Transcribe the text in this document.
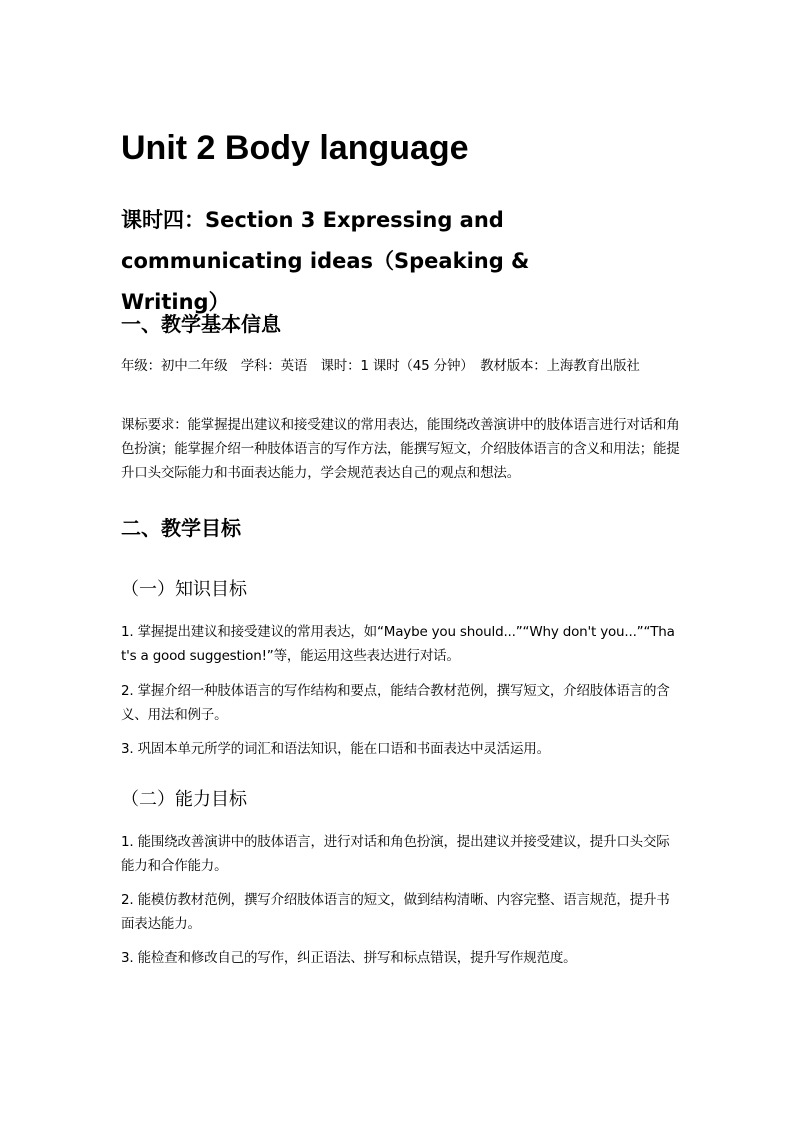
Unit 2 Body language
课时四：Section 3 Expressing and communicating ideas（Speaking & Writing）
一、教学基本信息
年级：初中二年级　学科：英语　课时：1 课时（45 分钟）　教材版本：上海教育出版社
课标要求：能掌握提出建议和接受建议的常用表达，能围绕改善演讲中的肢体语言进行对话和角色扮演；能掌握介绍一种肢体语言的写作方法，能撰写短文，介绍肢体语言的含义和用法；能提升口头交际能力和书面表达能力，学会规范表达自己的观点和想法。
二、教学目标
（一）知识目标
1. 掌握提出建议和接受建议的常用表达，如“Maybe you should...”“Why don't you...”“That's a good suggestion!”等，能运用这些表达进行对话。
2. 掌握介绍一种肢体语言的写作结构和要点，能结合教材范例，撰写短文，介绍肢体语言的含义、用法和例子。
3. 巩固本单元所学的词汇和语法知识，能在口语和书面表达中灵活运用。
（二）能力目标
1. 能围绕改善演讲中的肢体语言，进行对话和角色扮演，提出建议并接受建议，提升口头交际能力和合作能力。
2. 能模仿教材范例，撰写介绍肢体语言的短文，做到结构清晰、内容完整、语言规范，提升书面表达能力。
3. 能检查和修改自己的写作，纠正语法、拼写和标点错误，提升写作规范度。
